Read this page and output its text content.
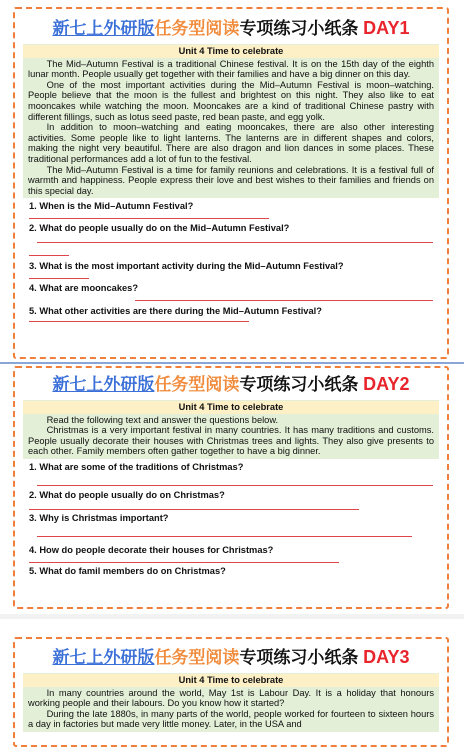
新七上外研版任务型阅读专项练习小纸条 DAY1
Unit 4 Time to celebrate

The Mid–Autumn Festival is a traditional Chinese festival. It is on the 15th day of the eighth lunar month. People usually get together with their families and have a big dinner on this day.

One of the most important activities during the Mid–Autumn Festival is moon–watching. People believe that the moon is the fullest and brightest on this night. They also like to eat mooncakes while watching the moon. Mooncakes are a kind of traditional Chinese pastry with different fillings, such as lotus seed paste, red bean paste, and egg yolk.

In addition to moon–watching and eating mooncakes, there are also other interesting activities. Some people like to light lanterns. The lanterns are in different shapes and colors, making the night very beautiful. There are also dragon and lion dances in some places. These traditional performances add a lot of fun to the festival.

The Mid–Autumn Festival is a time for family reunions and celebrations. It is a festival full of warmth and happiness. People express their love and best wishes to their families and friends on this special day.

1. When is the Mid–Autumn Festival?
2. What do people usually do on the Mid–Autumn Festival?
3. What is the most important activity during the Mid–Autumn Festival?
4. What are mooncakes?
5. What other activities are there during the Mid–Autumn Festival?
新七上外研版任务型阅读专项练习小纸条 DAY2
Unit 4 Time to celebrate

Read the following text and answer the questions below.

Christmas is a very important festival in many countries. It has many traditions and customs. People usually decorate their houses with Christmas trees and lights. They also give presents to each other. Family members often gather together to have a big dinner.

1. What are some of the traditions of Christmas?
2. What do people usually do on Christmas?
3. Why is Christmas important?
4. How do people decorate their houses for Christmas?
5. What do famil members do on Christmas?
新七上外研版任务型阅读专项练习小纸条 DAY3
Unit 4 Time to celebrate

In many countries around the world, May 1st is Labour Day. It is a holiday that honours working people and their labours. Do you know how it started?

During the late 1880s, in many parts of the world, people worked for fourteen to sixteen hours a day in factories but made very little money. Later, in the USA and
